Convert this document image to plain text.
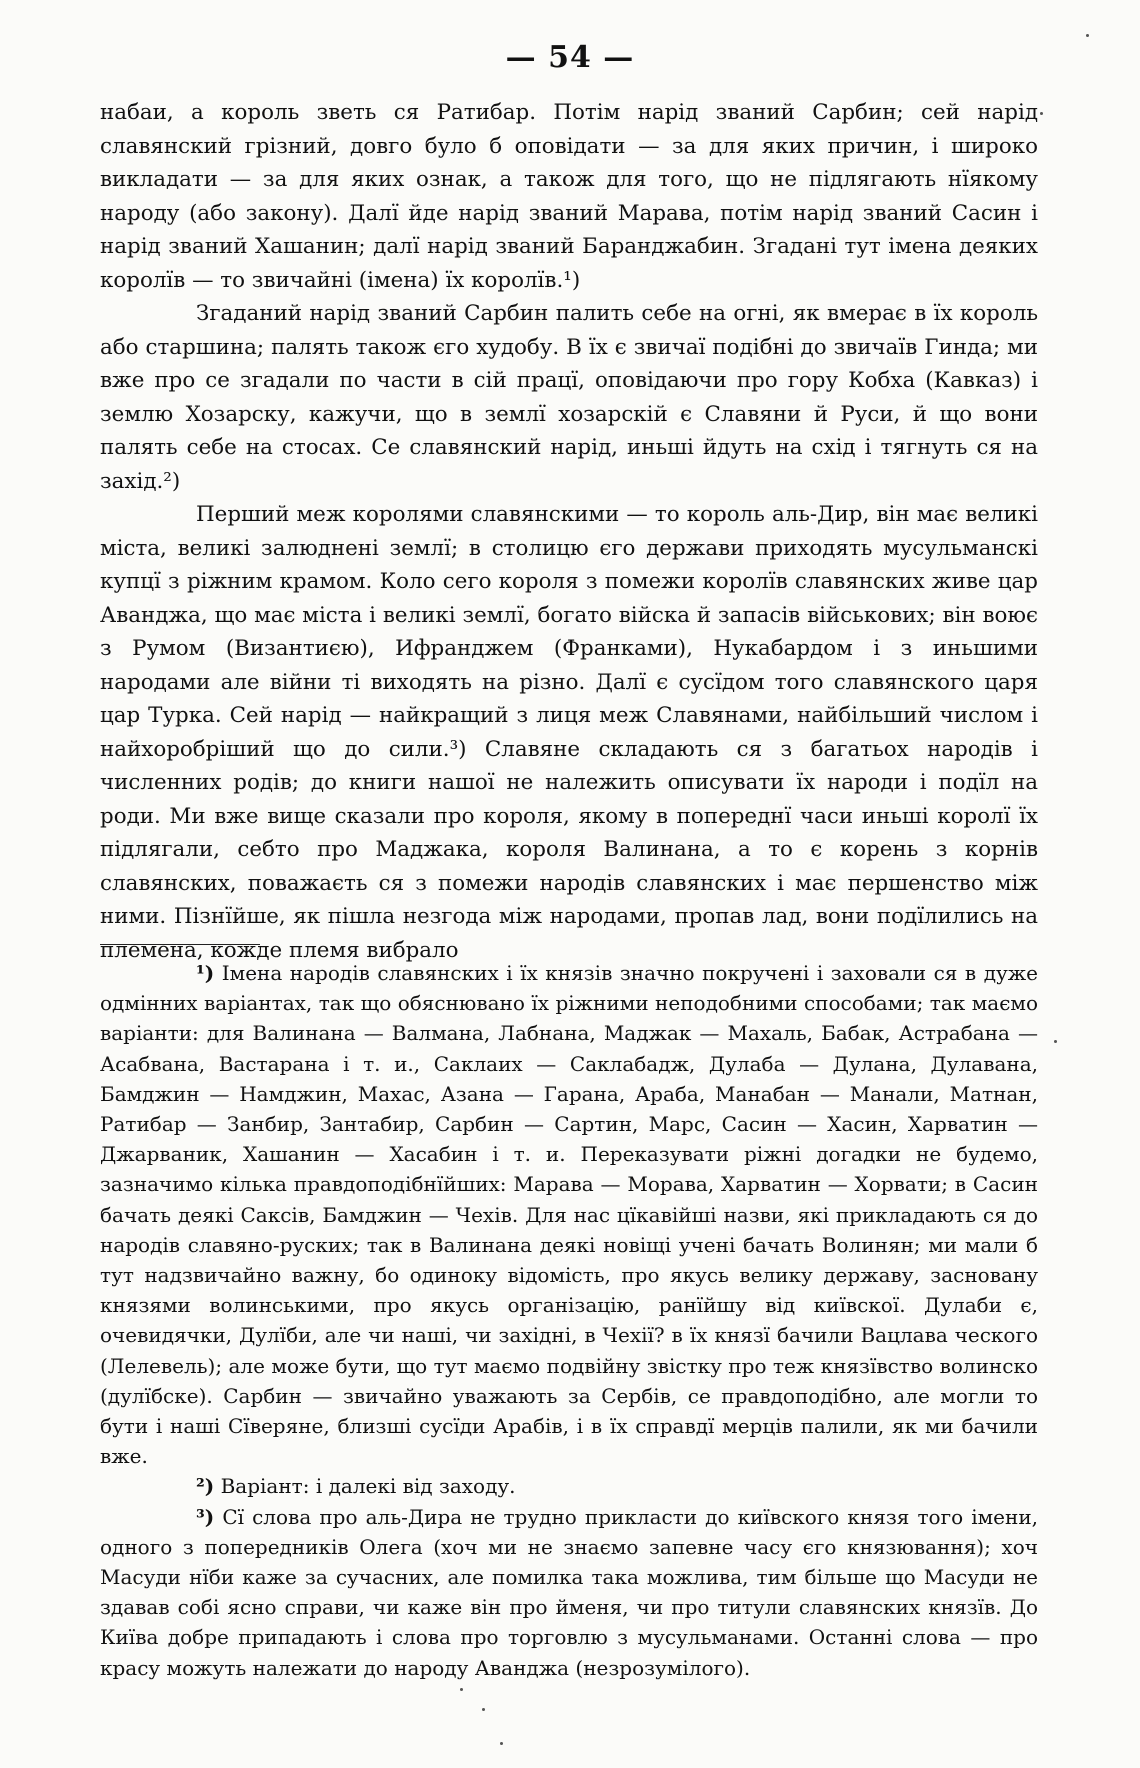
— 54 —

набаи, а король зветь ся Ратибар. Потім нарід званий Сарбин; сей нарід славянский грізний, довго було б оповідати — за для яких причин, і широко викладати — за для яких ознак, а також для того, що не підлягають нїякому народу (або закону). Далї йде нарід званий Марава, потім нарід званий Сасин і нарід званий Хашанин; далї нарід званий Баранджабин. Згадані тут імена деяких королїв — то звичайні (імена) їх королїв.¹)

Згаданий нарід званий Сарбин палить себе на огні, як вмерає в їх король або старшина; палять також єго худобу. В їх є звичаї подібні до звичаїв Гинда; ми вже про се згадали по части в сій працї, оповідаючи про гору Кобха (Кавказ) і землю Хозарску, кажучи, що в землї хозарскій є Славяни й Руси, й що вони палять себе на стосах. Се славянский нарід, иньші йдуть на схід і тягнуть ся на захід.²)

Перший меж королями славянскими — то король аль-Дир, він має великі міста, великі залюднені землї; в столицю єго держави приходять мусульманскі купцї з ріжним крамом. Коло сего короля з помежи королїв славянских живе цар Аванджа, що має міста і великі землї, богато війска й запасів військових; він воює з Румом (Византиєю), Ифранджем (Франками), Нукабардом і з иньшими народами але війни ті виходять на різно. Далї є сусїдом того славянского царя цар Турка. Сей нарід — найкращий з лиця меж Славянами, найбільший числом і найхоробріший що до сили.³) Славяне складають ся з багатьох народів і численних родів; до книги нашої не належить описувати їх народи і подїл на роди. Ми вже вище сказали про короля, якому в попереднї часи иньші королї їх підлягали, себто про Маджака, короля Валинана, а то є корень з корнів славянских, поважаєть ся з помежи народів славянских і має першенство між ними. Пізнїйше, як пішла незгода між народами, пропав лад, вони подїлились на племена, кожде племя вибрало

¹) Імена народів славянских і їх князів значно покручені і заховали ся в дуже одмінних варіантах, так що обяснювано їх ріжними неподобними способами; так маємо варіанти: для Валинана — Валмана, Лабнана, Маджак — Махаль, Бабак, Астрабана — Асабвана, Вастарана і т. и., Саклаиx — Саклабадж, Дулаба — Дулана, Дулавана, Бамджин — Намджин, Махас, Азана — Гарана, Араба, Манабан — Манали, Матнан, Ратибар — Занбир, Зантабир, Сарбин — Сартин, Марс, Сасин — Хасин, Харватин — Джарваник, Хашанин — Хасабин і т. и. Переказувати ріжні догадки не будемо, зазначимо кілька правдоподібнїйших: Марава — Морава, Харватин — Хорвати; в Сасин бачать деякі Саксів, Бамджин — Чехів. Для нас цїкавійші назви, які прикладають ся до народів славяно-руских; так в Валинана деякі новіщі учені бачать Волинян; ми мали б тут надзвичайно важну, бо одиноку відомість, про якусь велику державу, засновану князями волинськими, про якусь організацію, ранїйшу від київскої. Дулаби є, очевидячки, Дулїби, але чи наші, чи західні, в Чехії? в їх князї бачили Вацлава ческого (Лелевель); але може бути, що тут маємо подвійну звістку про теж князївство волинско (дулїбске). Сарбин — звичайно уважають за Сербів, се правдоподібно, але могли то бути і наші Сїверяне, близші сусїди Арабів, і в їх справдї мерців палили, як ми бачили вже.

²) Варіант: і далекі від заходу.

³) Сї слова про аль-Дира не трудно прикласти до київского князя того імени, одного з попередників Олега (хоч ми не знаємо запевне часу єго князювання); хоч Масуди нїби каже за сучасних, але помилка така можлива, тим більше що Масуди не здавав собі ясно справи, чи каже він про йменя, чи про титули славянских князїв. До Київа добре припадають і слова про торговлю з мусульманами. Останні слова — про красу можуть належати до народу Аванджа (незрозумілого).
